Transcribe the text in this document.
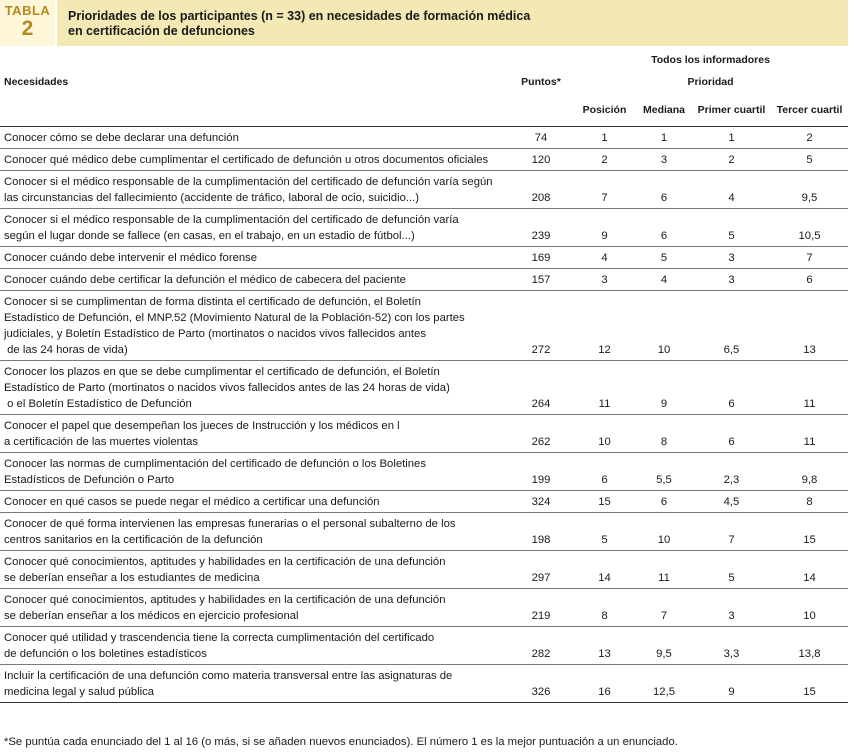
TABLA
2
Prioridades de los participantes (n = 33) en necesidades de formación médica
en certificación de defunciones
		Todos los informadores			
Necesidades	Puntos*	Prioridad			
		Posición	Mediana	Primer cuartil	Tercer cuartil

Conocer cómo se debe declarar una defunción	74	1	1	1	2

Conocer qué médico debe cumplimentar el certificado de defunción u otros documentos oficiales	120	2	3	2	5

Conocer si el médico responsable de la cumplimentación del certificado de defunción varía según
las circunstancias del fallecimiento (accidente de tráfico, laboral de ocio, suicidio...)	208	7	6	4	9,5

Conocer si el médico responsable de la cumplimentación del certificado de defunción varía
según el lugar donde se fallece (en casas, en el trabajo, en un estadio de fútbol...)	239	9	6	5	10,5

Conocer cuándo debe intervenir el médico forense	169	4	5	3	7

Conocer cuándo debe certificar la defunción el médico de cabecera del paciente	157	3	4	3	6

Conocer si se cumplimentan de forma distinta el certificado de defunción, el Boletín
Estadístico de Defunción, el MNP.52 (Movimiento Natural de la Población-52) con los partes
judiciales, y Boletín Estadístico de Parto (mortinatos o nacidos vivos fallecidos antes
de las 24 horas de vida)	272	12	10	6,5	13

Conocer los plazos en que se debe cumplimentar el certificado de defunción, el Boletín
Estadístico de Parto (mortinatos o nacidos vivos fallecidos antes de las 24 horas de vida)
o el Boletín Estadístico de Defunción	264	11	9	6	11

Conocer el papel que desempeñan los jueces de Instrucción y los médicos en l
a certificación de las muertes violentas	262	10	8	6	11

Conocer las normas de cumplimentación del certificado de defunción o los Boletines
Estadísticos de Defunción o Parto	199	6	5,5	2,3	9,8

Conocer en qué casos se puede negar el médico a certificar una defunción	324	15	6	4,5	8

Conocer de qué forma intervienen las empresas funerarias o el personal subalterno de los
centros sanitarios en la certificación de la defunción	198	5	10	7	15

Conocer qué conocimientos, aptitudes y habilidades en la certificación de una defunción
se deberían enseñar a los estudiantes de medicina	297	14	11	5	14

Conocer qué conocimientos, aptitudes y habilidades en la certificación de una defunción
se deberían enseñar a los médicos en ejercicio profesional	219	8	7	3	10

Conocer qué utilidad y trascendencia tiene la correcta cumplimentación del certificado
de defunción o los boletines estadísticos	282	13	9,5	3,3	13,8

Incluir la certificación de una defunción como materia transversal entre las asignaturas de
medicina legal y salud pública	326	16	12,5	9	15
*Se puntúa cada enunciado del 1 al 16 (o más, si se añaden nuevos enunciados). El número 1 es la mejor puntuación a un enunciado.
